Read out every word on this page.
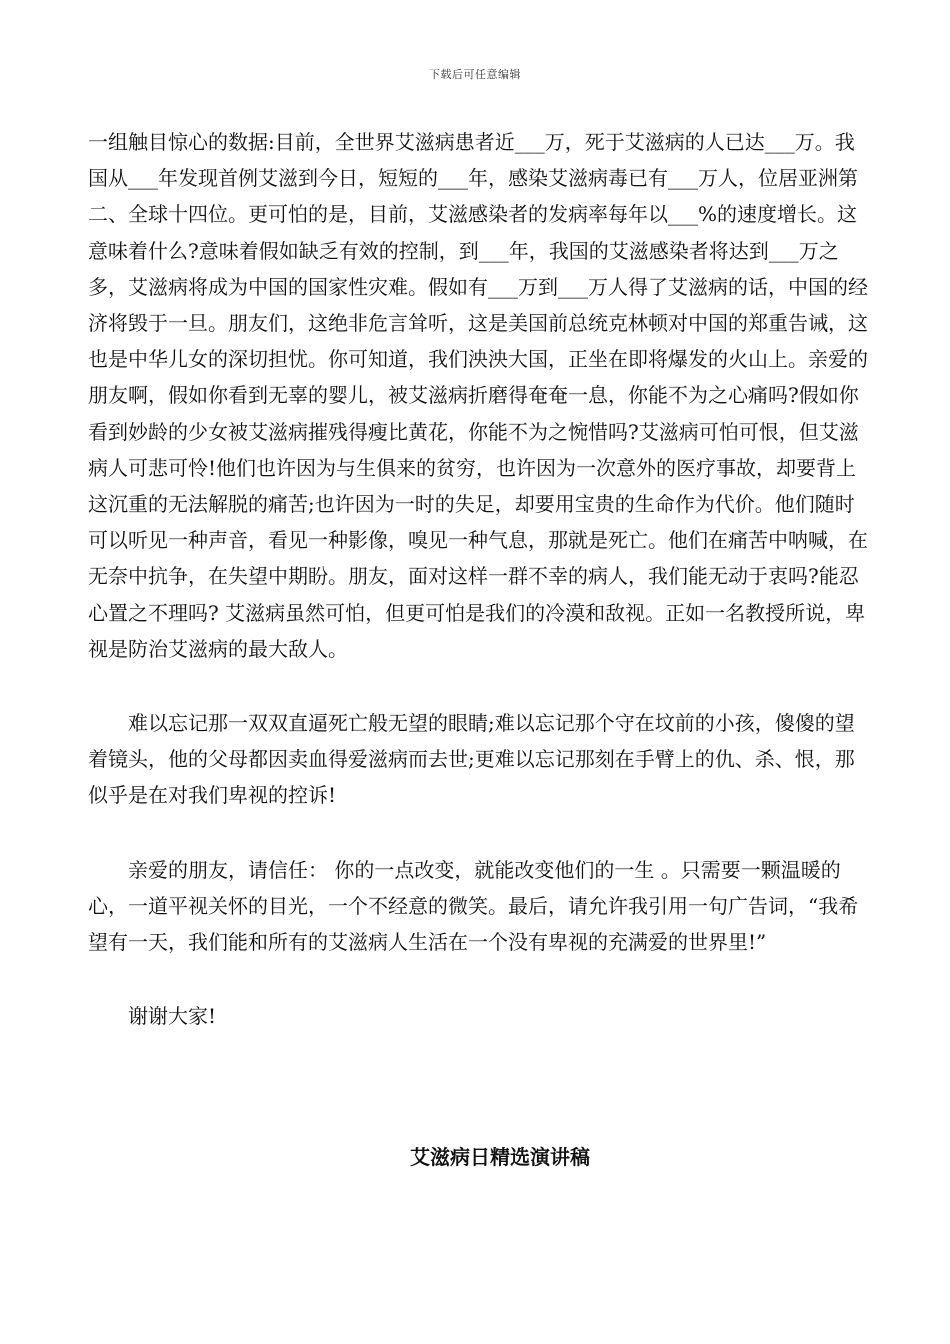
下载后可任意编辑

一组触目惊心的数据:目前，全世界艾滋病患者近___万，死于艾滋病的人已达___万。我国从___年发现首例艾滋到今日，短短的___年，感染艾滋病毒已有___万人，位居亚洲第二、全球十四位。更可怕的是，目前，艾滋感染者的发病率每年以___%的速度增长。这意味着什么?意味着假如缺乏有效的控制，到___年，我国的艾滋感染者将达到___万之多，艾滋病将成为中国的国家性灾难。假如有___万到___万人得了艾滋病的话，中国的经济将毁于一旦。朋友们，这绝非危言耸听，这是美国前总统克林顿对中国的郑重告诫，这也是中华儿女的深切担忧。你可知道，我们泱泱大国，正坐在即将爆发的火山上。亲爱的朋友啊，假如你看到无辜的婴儿，被艾滋病折磨得奄奄一息，你能不为之心痛吗?假如你看到妙龄的少女被艾滋病摧残得瘦比黄花，你能不为之惋惜吗?艾滋病可怕可恨，但艾滋病人可悲可怜!他们也许因为与生俱来的贫穷，也许因为一次意外的医疗事故，却要背上这沉重的无法解脱的痛苦;也许因为一时的失足，却要用宝贵的生命作为代价。他们随时可以听见一种声音，看见一种影像，嗅见一种气息，那就是死亡。他们在痛苦中呐喊，在无奈中抗争，在失望中期盼。朋友，面对这样一群不幸的病人，我们能无动于衷吗?能忍心置之不理吗? 艾滋病虽然可怕，但更可怕是我们的冷漠和敌视。正如一名教授所说，卑视是防治艾滋病的最大敌人。

难以忘记那一双双直逼死亡般无望的眼睛;难以忘记那个守在坟前的小孩，傻傻的望着镜头，他的父母都因卖血得爱滋病而去世;更难以忘记那刻在手臂上的仇、杀、恨，那似乎是在对我们卑视的控诉!

亲爱的朋友，请信任： 你的一点改变，就能改变他们的一生 。只需要一颗温暖的心，一道平视关怀的目光，一个不经意的微笑。最后，请允许我引用一句广告词，“我希望有一天，我们能和所有的艾滋病人生活在一个没有卑视的充满爱的世界里!”

谢谢大家!

艾滋病日精选演讲稿
